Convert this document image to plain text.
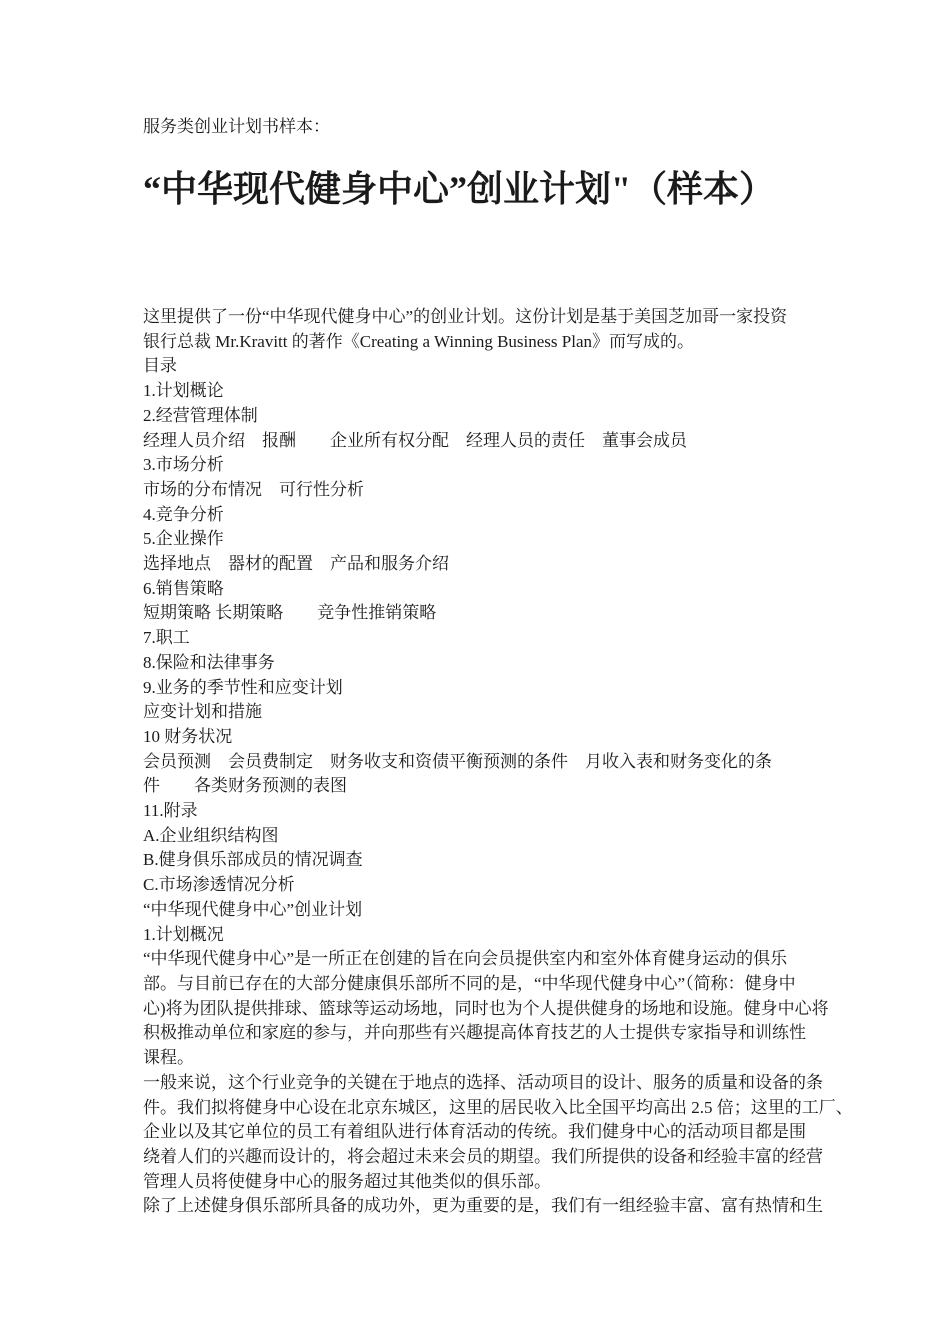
服务类创业计划书样本：
“中华现代健身中心”创业计划"（样本）
这里提供了一份“中华现代健身中心”的创业计划。这份计划是基于美国芝加哥一家投资
银行总裁 Mr.Kravitt 的著作《Creating a Winning Business Plan》而写成的。
目录
1.计划概论
2.经营管理体制
经理人员介绍　报酬　　企业所有权分配　经理人员的责任　董事会成员
3.市场分析
市场的分布情况　可行性分析
4.竞争分析
5.企业操作
选择地点　器材的配置　产品和服务介绍
6.销售策略
短期策略 长期策略　　竞争性推销策略
7.职工
8.保险和法律事务
9.业务的季节性和应变计划
应变计划和措施
10 财务状况
会员预测　会员费制定　财务收支和资债平衡预测的条件　月收入表和财务变化的条
件　　各类财务预测的表图
11.附录
A.企业组织结构图
B.健身俱乐部成员的情况调查
C.市场渗透情况分析
“中华现代健身中心”创业计划
1.计划概况
“中华现代健身中心”是一所正在创建的旨在向会员提供室内和室外体育健身运动的俱乐
部。与目前已存在的大部分健康俱乐部所不同的是，“中华现代健身中心”（简称：健身中
心)将为团队提供排球、篮球等运动场地，同时也为个人提供健身的场地和设施。健身中心将
积极推动单位和家庭的参与，并向那些有兴趣提高体育技艺的人士提供专家指导和训练性
课程。
一般来说，这个行业竞争的关键在于地点的选择、活动项目的设计、服务的质量和设备的条
件。我们拟将健身中心设在北京东城区，这里的居民收入比全国平均高出 2.5 倍；这里的工厂、
企业以及其它单位的员工有着组队进行体育活动的传统。我们健身中心的活动项目都是围
绕着人们的兴趣而设计的，将会超过未来会员的期望。我们所提供的设备和经验丰富的经营
管理人员将使健身中心的服务超过其他类似的俱乐部。
除了上述健身俱乐部所具备的成功外，更为重要的是，我们有一组经验丰富、富有热情和生
